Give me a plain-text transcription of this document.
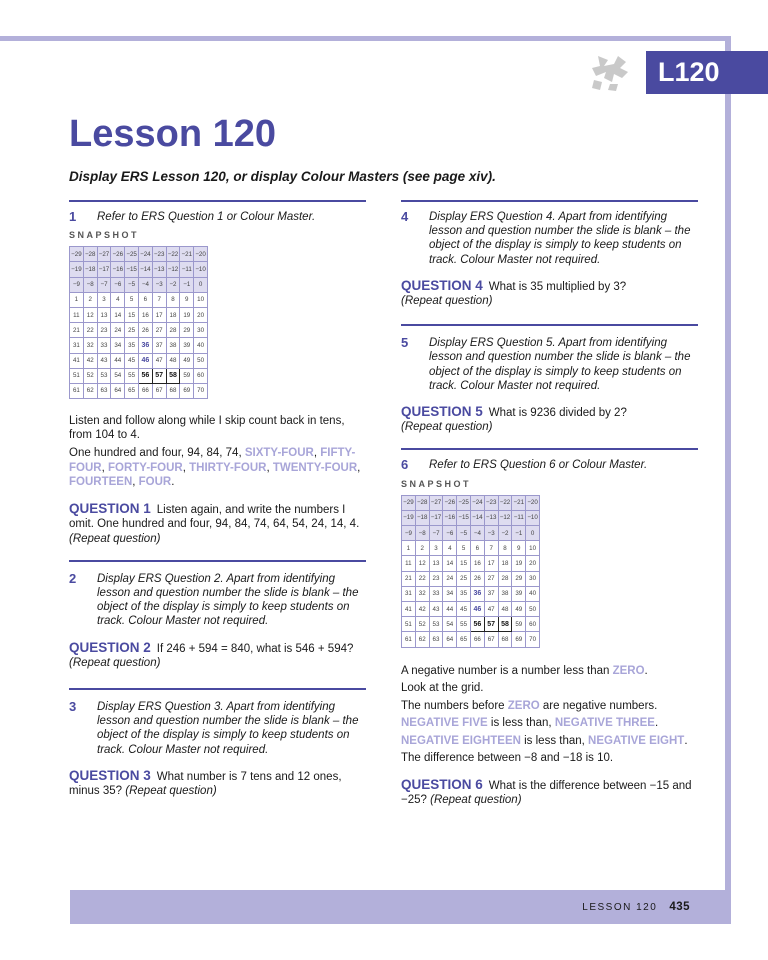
L120
Lesson 120

Display ERS Lesson 120, or display Colour Masters (see page xiv).

1	Refer to ERS Question 1 or Colour Master.
SNAPSHOT
−29	−28	−27	−26	−25	−24	−23	−22	−21	−20
−19	−18	−17	−16	−15	−14	−13	−12	−11	−10
−9	−8	−7	−6	−5	−4	−3	−2	−1	0
1	2	3	4	5	6	7	8	9	10
11	12	13	14	15	16	17	18	19	20
21	22	23	24	25	26	27	28	29	30
31	32	33	34	35	36	37	38	39	40
41	42	43	44	45	46	47	48	49	50
51	52	53	54	55	56	57	58	59	60
61	62	63	64	65	66	67	68	69	70

Listen and follow along while I skip count back in tens, from 104 to 4.

One hundred and four, 94, 84, 74, SIXTY-FOUR, FIFTY-FOUR, FORTY-FOUR, THIRTY-FOUR, TWENTY-FOUR, FOURTEEN, FOUR.

QUESTION 1 Listen again, and write the numbers I omit. One hundred and four, 94, 84, 74, 64, 54, 24, 14, 4. (Repeat question)

2	Display ERS Question 2. Apart from identifying lesson and question number the slide is blank – the object of the display is simply to keep students on track. Colour Master not required.

QUESTION 2 If 246 + 594 = 840, what is 546 + 594?
(Repeat question)

3	Display ERS Question 3. Apart from identifying lesson and question number the slide is blank – the object of the display is simply to keep students on track. Colour Master not required.

QUESTION 3 What number is 7 tens and 12 ones, minus 35? (Repeat question)

4	Display ERS Question 4. Apart from identifying lesson and question number the slide is blank – the object of the display is simply to keep students on track. Colour Master not required.

QUESTION 4 What is 35 multiplied by 3?
(Repeat question)

5	Display ERS Question 5. Apart from identifying lesson and question number the slide is blank – the object of the display is simply to keep students on track. Colour Master not required.

QUESTION 5 What is 9236 divided by 2?
(Repeat question)

6	Refer to ERS Question 6 or Colour Master.
SNAPSHOT
−29	−28	−27	−26	−25	−24	−23	−22	−21	−20
−19	−18	−17	−16	−15	−14	−13	−12	−11	−10
−9	−8	−7	−6	−5	−4	−3	−2	−1	0
1	2	3	4	5	6	7	8	9	10
11	12	13	14	15	16	17	18	19	20
21	22	23	24	25	26	27	28	29	30
31	32	33	34	35	36	37	38	39	40
41	42	43	44	45	46	47	48	49	50
51	52	53	54	55	56	57	58	59	60
61	62	63	64	65	66	67	68	69	70

A negative number is a number less than ZERO.
Look at the grid.
The numbers before ZERO are negative numbers.
NEGATIVE FIVE is less than, NEGATIVE THREE.
NEGATIVE EIGHTEEN is less than, NEGATIVE EIGHT.
The difference between −8 and −18 is 10.

QUESTION 6 What is the difference between −15 and −25? (Repeat question)

LESSON 120 435
